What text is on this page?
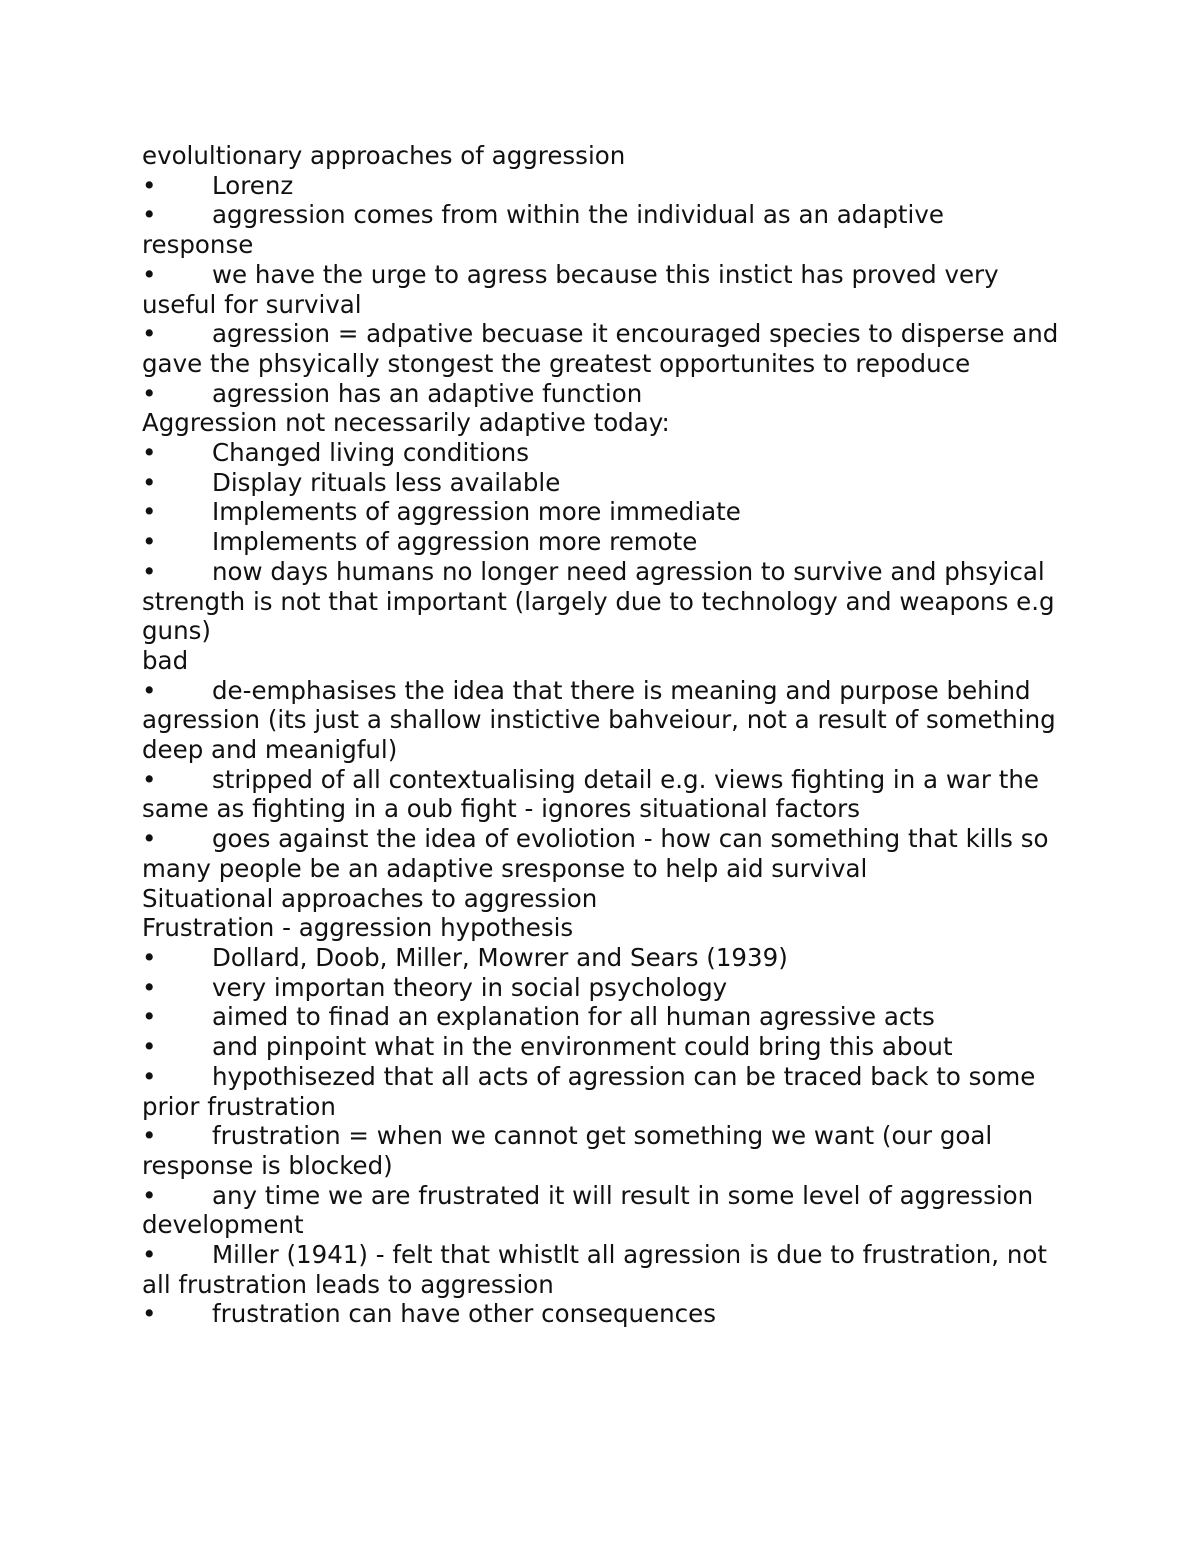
evolultionary approaches of aggression

• Lorenz

• aggression comes from within the individual as an adaptive response

• we have the urge to agress because this instict has proved very useful for survival

• agression = adpative becuase it encouraged species to disperse and gave the phsyically stongest the greatest opportunites to repoduce

• agression has an adaptive function

Aggression not necessarily adaptive today:

• Changed living conditions

• Display rituals less available

• Implements of aggression more immediate

• Implements of aggression more remote

• now days humans no longer need agression to survive and phsyical strength is not that important (largely due to technology and weapons e.g guns)

bad

• de-emphasises the idea that there is meaning and purpose behind agression (its just a shallow instictive bahveiour, not a result of something deep and meanigful)

• stripped of all contextualising detail e.g. views fighting in a war the same as fighting in a oub fight - ignores situational factors

• goes against the idea of evoliotion - how can something that kills so many people be an adaptive sresponse to help aid survival

Situational approaches to aggression

Frustration - aggression hypothesis

• Dollard, Doob, Miller, Mowrer and Sears (1939)

• very importan theory in social psychology

• aimed to finad an explanation for all human agressive acts

• and pinpoint what in the environment could bring this about

• hypothisezed that all acts of agression can be traced back to some prior frustration

• frustration = when we cannot get something we want (our goal response is blocked)

• any time we are frustrated it will result in some level of aggression

development

• Miller (1941) - felt that whistlt all agression is due to frustration, not all frustration leads to aggression

• frustration can have other consequences
